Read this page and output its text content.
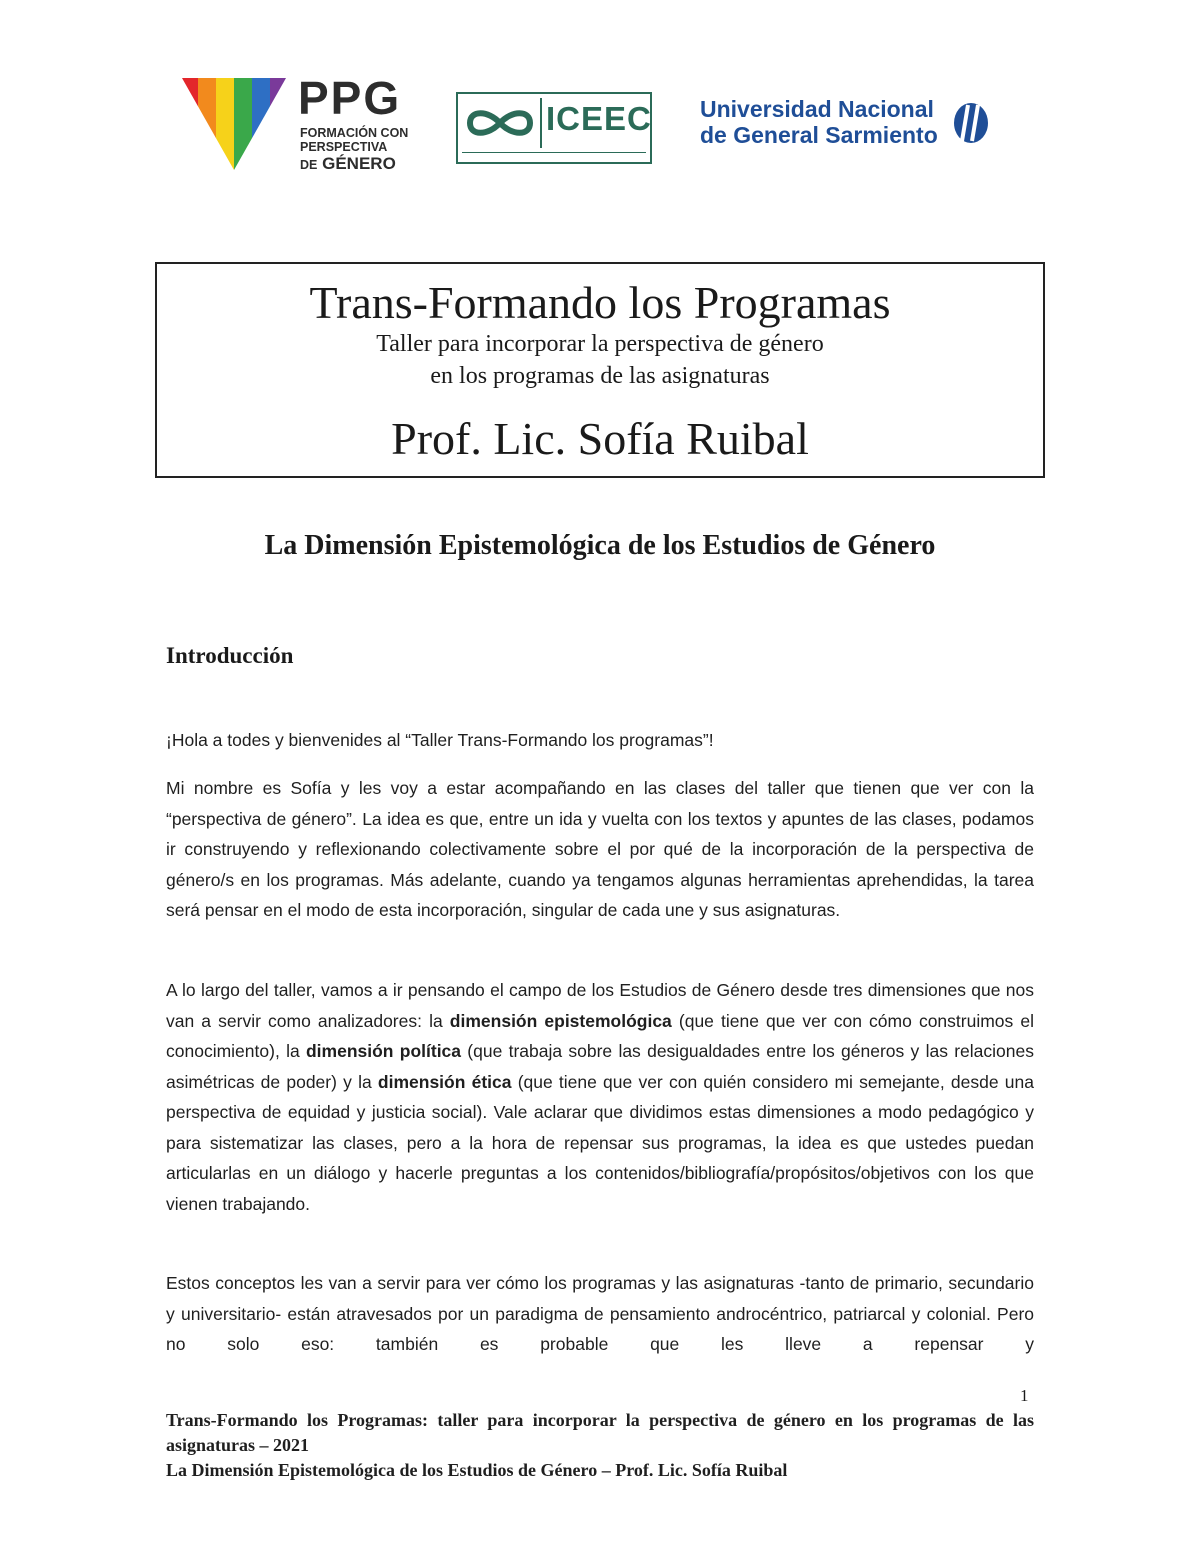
PPG
FORMACIÓN CON
PERSPECTIVA
DE GÉNERO
ICEEC Universidad Nacional
de General Sarmiento
Trans-Formando los Programas
Taller para incorporar la perspectiva de género
en los programas de las asignaturas
Prof. Lic. Sofía Ruibal
La Dimensión Epistemológica de los Estudios de Género
Introducción

¡Hola a todes y bienvenides al “Taller Trans-Formando los programas”!

Mi nombre es Sofía y les voy a estar acompañando en las clases del taller que tienen que ver con la “perspectiva de género”. La idea es que, entre un ida y vuelta con los textos y apuntes de las clases, podamos ir construyendo y reflexionando colectivamente sobre el por qué de la incorporación de la perspectiva de género/s en los programas. Más adelante, cuando ya tengamos algunas herramientas aprehendidas, la tarea será pensar en el modo de esta incorporación, singular de cada une y sus asignaturas.

A lo largo del taller, vamos a ir pensando el campo de los Estudios de Género desde tres dimensiones que nos van a servir como analizadores: la dimensión epistemológica (que tiene que ver con cómo construimos el conocimiento), la dimensión política (que trabaja sobre las desigualdades entre los géneros y las relaciones asimétricas de poder) y la dimensión ética (que tiene que ver con quién considero mi semejante, desde una perspectiva de equidad y justicia social). Vale aclarar que dividimos estas dimensiones a modo pedagógico y para sistematizar las clases, pero a la hora de repensar sus programas, la idea es que ustedes puedan articularlas en un diálogo y hacerle preguntas a los contenidos/bibliografía/propósitos/objetivos con los que vienen trabajando.

Estos conceptos les van a servir para ver cómo los programas y las asignaturas -tanto de primario, secundario y universitario- están atravesados por un paradigma de pensamiento androcéntrico, patriarcal y colonial. Pero no solo eso: también es probable que les lleve a repensar y

1

Trans-Formando los Programas: taller para incorporar la perspectiva de género en los programas de las asignaturas – 2021

La Dimensión Epistemológica de los Estudios de Género – Prof. Lic. Sofía Ruibal
